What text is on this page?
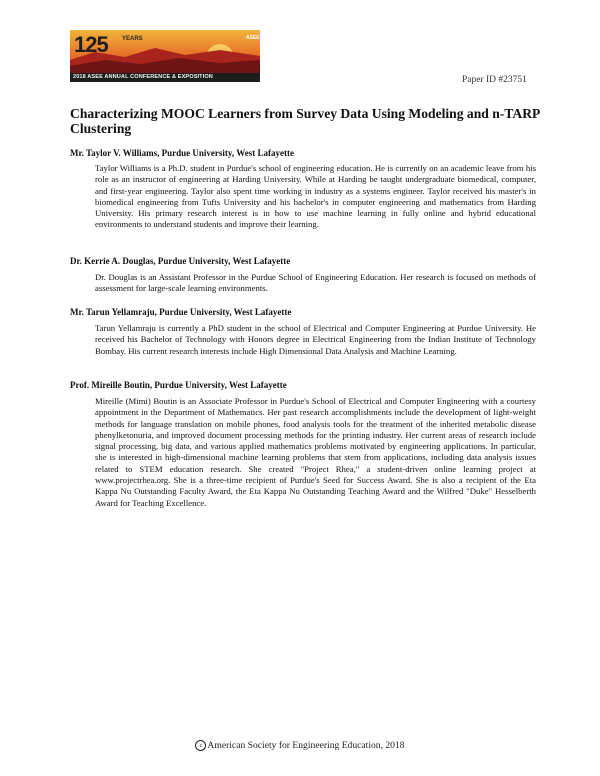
125	ASEE
2018 ASEE ANNUAL CONFERENCE & EXPOSITION
YEARS
Paper ID #23751
Characterizing MOOC Learners from Survey Data Using Modeling and n-TARP Clustering
Mr. Taylor V. Williams, Purdue University, West Lafayette

Taylor Williams is a Ph.D. student in Purdue's school of engineering education. He is currently on an academic leave from his role as an instructor of engineering at Harding University. While at Harding he taught undergraduate biomedical, computer, and first-year engineering. Taylor also spent time working in industry as a systems engineer. Taylor received his master's in biomedical engineering from Tufts University and his bachelor's in computer engineering and mathematics from Harding University. His primary research interest is in how to use machine learning in fully online and hybrid educational environments to understand students and improve their learning.

Dr. Kerrie A. Douglas, Purdue University, West Lafayette

Dr. Douglas is an Assistant Professor in the Purdue School of Engineering Education. Her research is focused on methods of assessment for large-scale learning environments.

Mr. Tarun Yellamraju, Purdue University, West Lafayette

Tarun Yellamraju is currently a PhD student in the school of Electrical and Computer Engineering at Purdue University. He received his Bachelor of Technology with Honors degree in Electrical Engineering from the Indian Institute of Technology Bombay. His current research interests include High Dimensional Data Analysis and Machine Learning.

Prof. Mireille Boutin, Purdue University, West Lafayette

Mireille (Mimi) Boutin is an Associate Professor in Purdue's School of Electrical and Computer Engineering with a courtesy appointment in the Department of Mathematics. Her past research accomplishments include the development of light-weight methods for language translation on mobile phones, food analysis tools for the treatment of the inherited metabolic disease phenylketonuria, and improved document processing methods for the printing industry. Her current areas of research include signal processing, big data, and various applied mathematics problems motivated by engineering applications. In particular, she is interested in high-dimensional machine learning problems that stem from applications, including data analysis issues related to STEM education research. She created "Project Rhea," a student-driven online learning project at www.projectrhea.org. She is a three-time recipient of Purdue's Seed for Success Award. She is also a recipient of the Eta Kappa Nu Outstanding Faculty Award, the Eta Kappa Nu Outstanding Teaching Award and the Wilfred "Duke" Hesselberth Award for Teaching Excellence.

c American Society for Engineering Education, 2018
